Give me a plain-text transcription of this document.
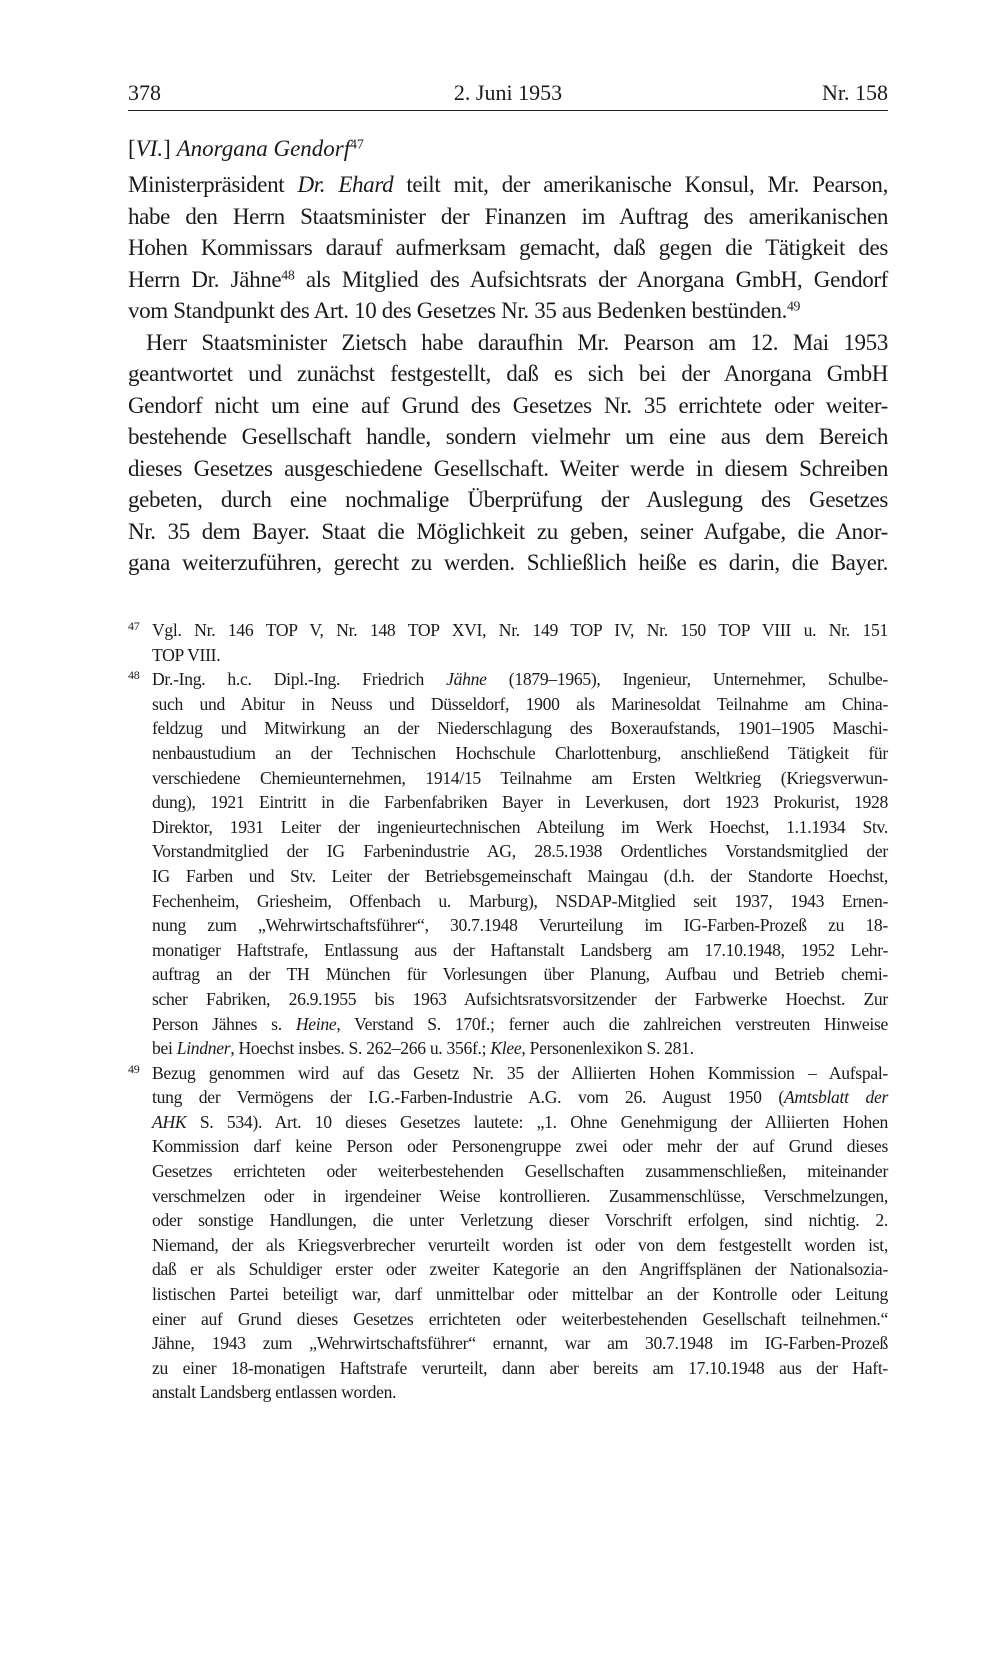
378	2. Juni 1953	Nr. 158
[VI.] Anorgana Gendorf$^{47}$

Ministerpräsident Dr. Ehard teilt mit, der amerikanische Konsul, Mr. Pearson,
habe den Herrn Staatsminister der Finanzen im Auftrag des amerikanischen
Hohen Kommissars darauf aufmerksam gemacht, daß gegen die Tätigkeit des
Herrn Dr. Jähne$^{48}$ als Mitglied des Aufsichtsrats der Anorgana GmbH, Gendorf
vom Standpunkt des Art. 10 des Gesetzes Nr. 35 aus Bedenken bestünden.$^{49}$

Herr Staatsminister Zietsch habe daraufhin Mr. Pearson am 12. Mai 1953
geantwortet und zunächst festgestellt, daß es sich bei der Anorgana GmbH
Gendorf nicht um eine auf Grund des Gesetzes Nr. 35 errichtete oder weiter-
bestehende Gesellschaft handle, sondern vielmehr um eine aus dem Bereich
dieses Gesetzes ausgeschiedene Gesellschaft. Weiter werde in diesem Schreiben
gebeten, durch eine nochmalige Überprüfung der Auslegung des Gesetzes
Nr. 35 dem Bayer. Staat die Möglichkeit zu geben, seiner Aufgabe, die Anor-
gana weiterzuführen, gerecht zu werden. Schließlich heiße es darin, die Bayer.

47 Vgl. Nr. 146 TOP V, Nr. 148 TOP XVI, Nr. 149 TOP IV, Nr. 150 TOP VIII u. Nr. 151
TOP VIII.
48 Dr.-Ing. h.c. Dipl.-Ing. Friedrich Jähne (1879–1965), Ingenieur, Unternehmer, Schulbe-
such und Abitur in Neuss und Düsseldorf, 1900 als Marinesoldat Teilnahme am China-
feldzug und Mitwirkung an der Niederschlagung des Boxeraufstands, 1901–1905 Maschi-
nenbaustudium an der Technischen Hochschule Charlottenburg, anschließend Tätigkeit für
verschiedene Chemieunternehmen, 1914/15 Teilnahme am Ersten Weltkrieg (Kriegsverwun-
dung), 1921 Eintritt in die Farbenfabriken Bayer in Leverkusen, dort 1923 Prokurist, 1928
Direktor, 1931 Leiter der ingenieurtechnischen Abteilung im Werk Hoechst, 1.1.1934 Stv.
Vorstandmitglied der IG Farbenindustrie AG, 28.5.1938 Ordentliches Vorstandsmitglied der
IG Farben und Stv. Leiter der Betriebsgemeinschaft Maingau (d.h. der Standorte Hoechst,
Fechenheim, Griesheim, Offenbach u. Marburg), NSDAP-Mitglied seit 1937, 1943 Ernen-
nung zum „Wehrwirtschaftsführer“, 30.7.1948 Verurteilung im IG-Farben-Prozeß zu 18-
monatiger Haftstrafe, Entlassung aus der Haftanstalt Landsberg am 17.10.1948, 1952 Lehr-
auftrag an der TH München für Vorlesungen über Planung, Aufbau und Betrieb chemi-
scher Fabriken, 26.9.1955 bis 1963 Aufsichtsratsvorsitzender der Farbwerke Hoechst. Zur
Person Jähnes s. Heine, Verstand S. 170f.; ferner auch die zahlreichen verstreuten Hinweise
bei Lindner, Hoechst insbes. S. 262–266 u. 356f.; Klee, Personenlexikon S. 281.
49 Bezug genommen wird auf das Gesetz Nr. 35 der Alliierten Hohen Kommission – Aufspal-
tung der Vermögens der I.G.-Farben-Industrie A.G. vom 26. August 1950 (Amtsblatt der
AHK S. 534). Art. 10 dieses Gesetzes lautete: „1. Ohne Genehmigung der Alliierten Hohen
Kommission darf keine Person oder Personengruppe zwei oder mehr der auf Grund dieses
Gesetzes errichteten oder weiterbestehenden Gesellschaften zusammenschließen, miteinander
verschmelzen oder in irgendeiner Weise kontrollieren. Zusammenschlüsse, Verschmelzungen,
oder sonstige Handlungen, die unter Verletzung dieser Vorschrift erfolgen, sind nichtig. 2.
Niemand, der als Kriegsverbrecher verurteilt worden ist oder von dem festgestellt worden ist,
daß er als Schuldiger erster oder zweiter Kategorie an den Angriffsplänen der Nationalsozia-
listischen Partei beteiligt war, darf unmittelbar oder mittelbar an der Kontrolle oder Leitung
einer auf Grund dieses Gesetzes errichteten oder weiterbestehenden Gesellschaft teilnehmen.“
Jähne, 1943 zum „Wehrwirtschaftsführer“ ernannt, war am 30.7.1948 im IG-Farben-Prozeß
zu einer 18-monatigen Haftstrafe verurteilt, dann aber bereits am 17.10.1948 aus der Haft-
anstalt Landsberg entlassen worden.
